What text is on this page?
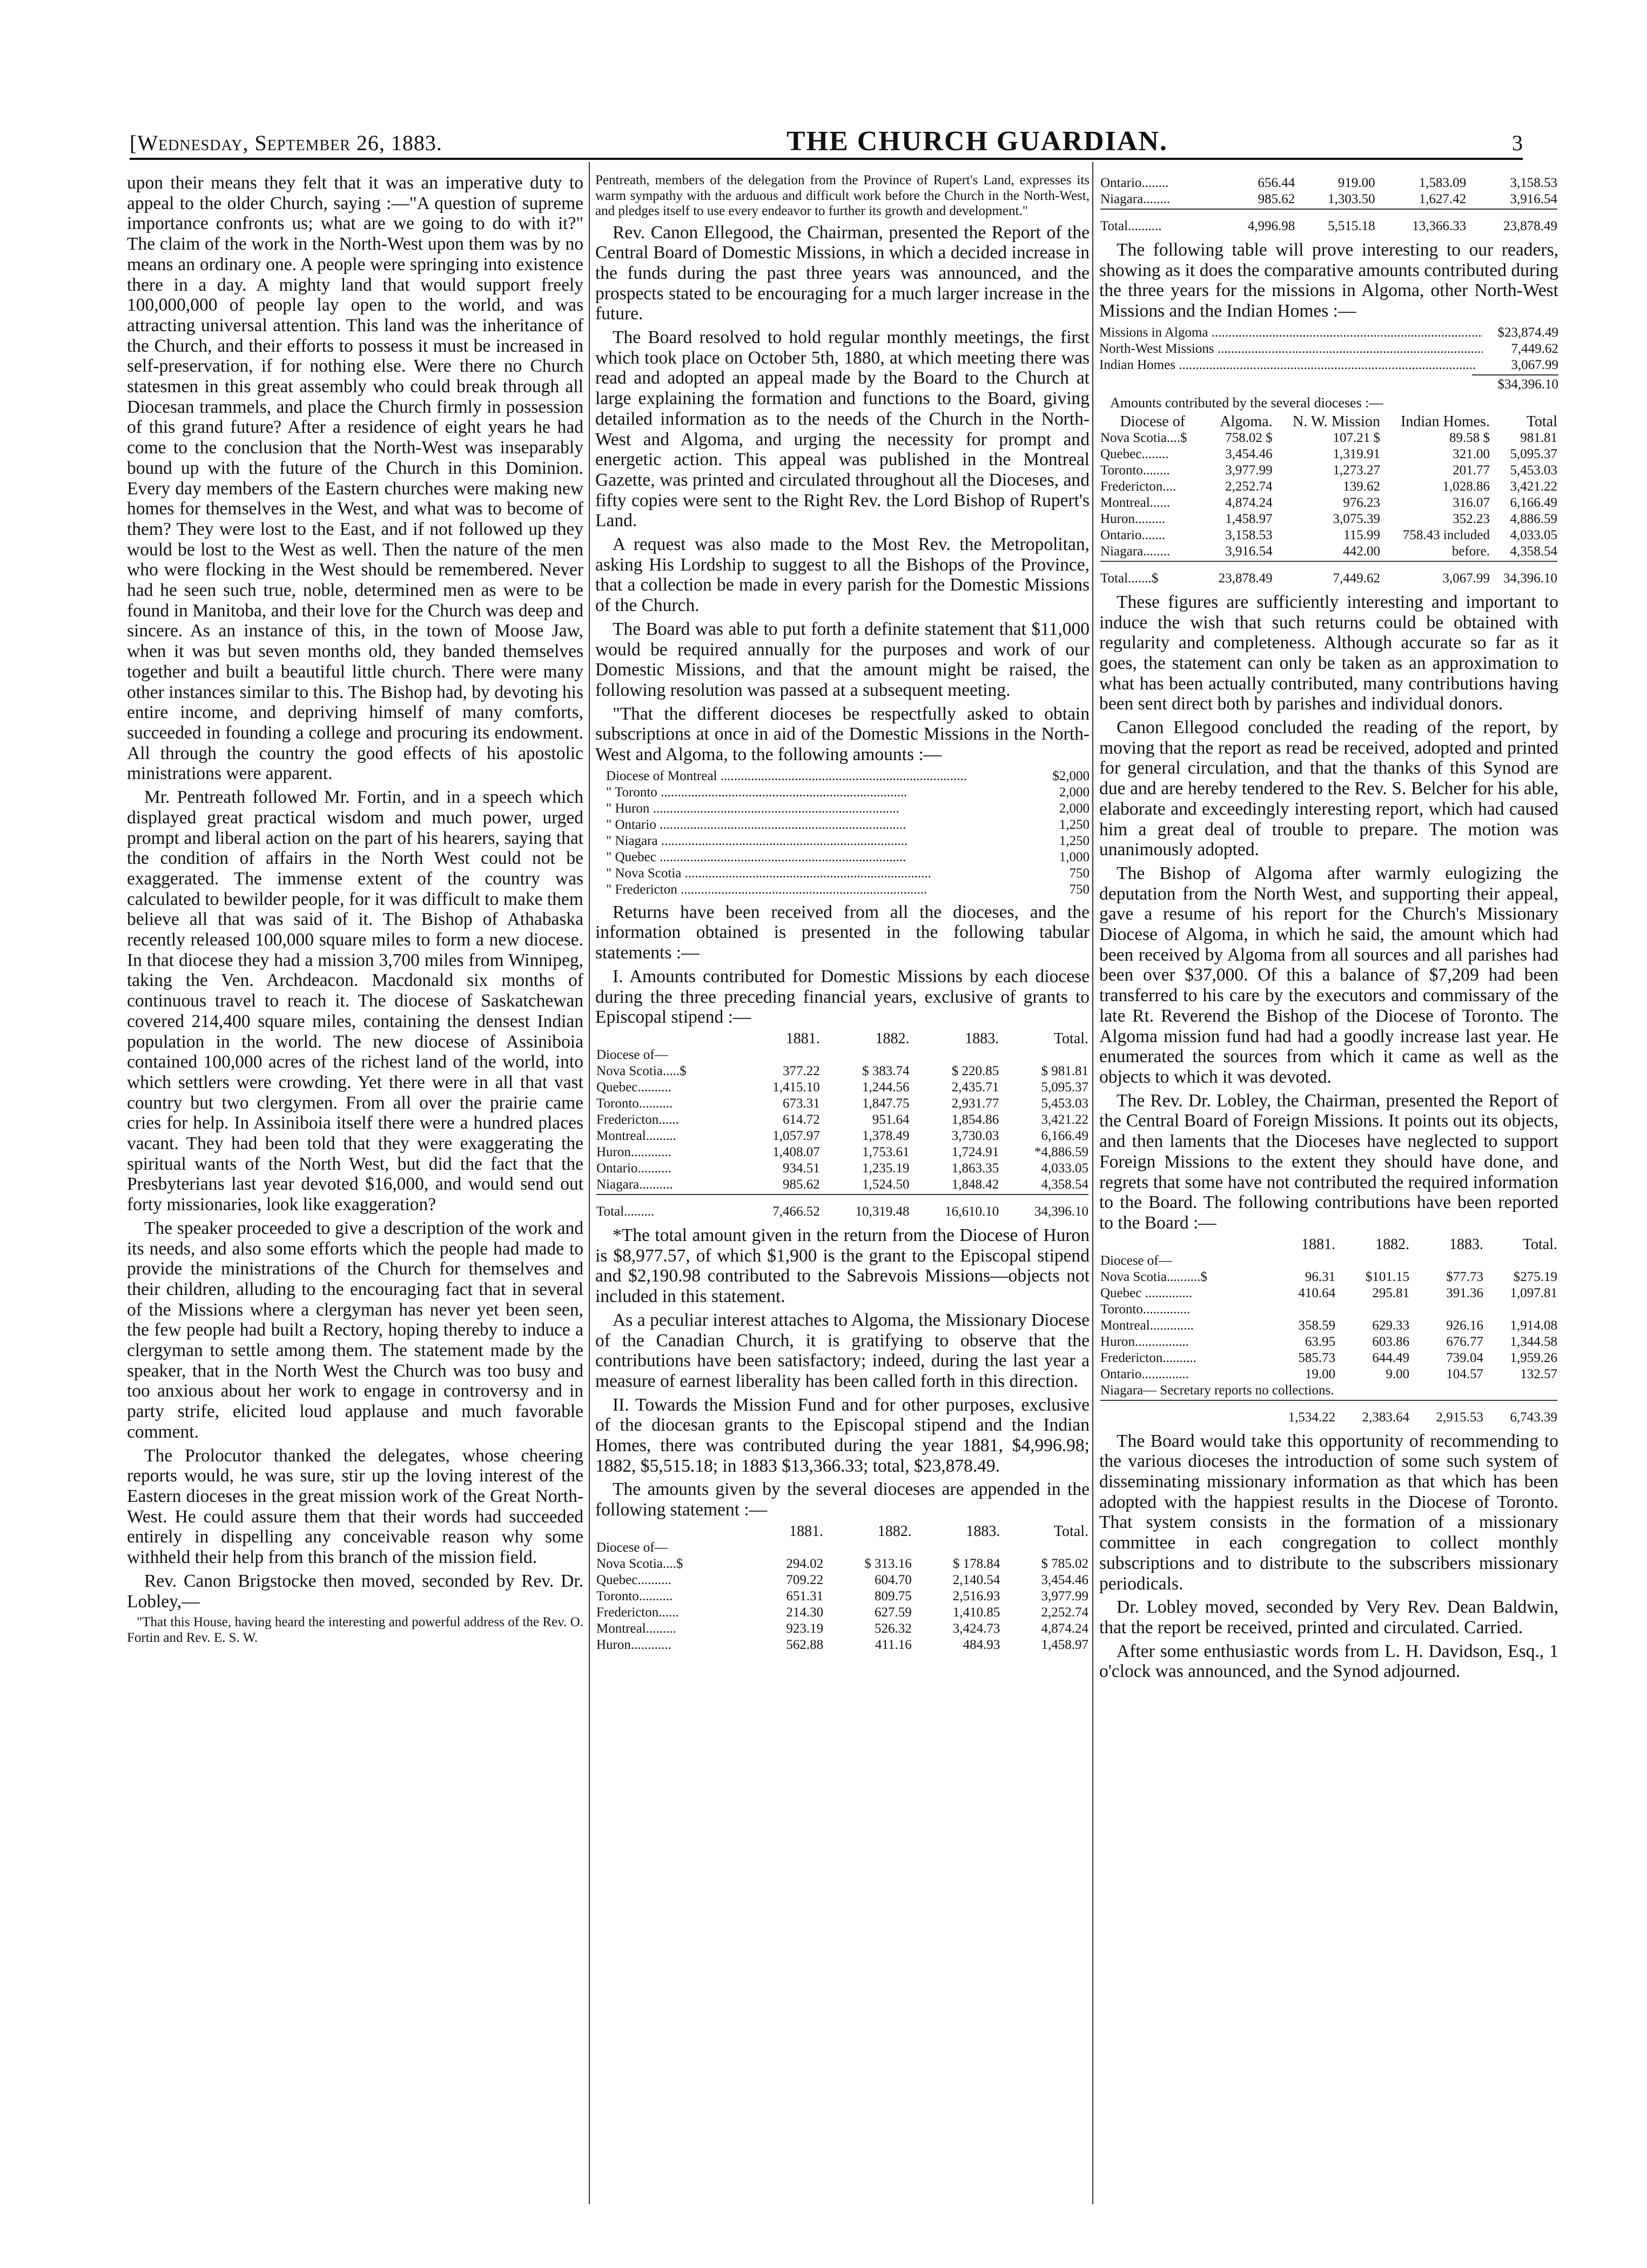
[Wednesday, September 26, 1883.	THE CHURCH GUARDIAN.	3

upon their means they felt that it was an imperative duty to appeal to the older Church, saying :—"A question of supreme importance confronts us; what are we going to do with it?" The claim of the work in the North-West upon them was by no means an ordinary one. A people were springing into existence there in a day. A mighty land that would support freely 100,000,000 of people lay open to the world, and was attracting universal attention. This land was the inheritance of the Church, and their efforts to possess it must be increased in self-preservation, if for nothing else. Were there no Church statesmen in this great assembly who could break through all Diocesan trammels, and place the Church firmly in possession of this grand future? After a residence of eight years he had come to the conclusion that the North-West was inseparably bound up with the future of the Church in this Dominion. Every day members of the Eastern churches were making new homes for themselves in the West, and what was to become of them? They were lost to the East, and if not followed up they would be lost to the West as well. Then the nature of the men who were flocking in the West should be remembered. Never had he seen such true, noble, determined men as were to be found in Manitoba, and their love for the Church was deep and sincere. As an instance of this, in the town of Moose Jaw, when it was but seven months old, they banded themselves together and built a beautiful little church. There were many other instances similar to this. The Bishop had, by devoting his entire income, and depriving himself of many comforts, succeeded in founding a college and procuring its endowment. All through the country the good effects of his apostolic ministrations were apparent.

Mr. Pentreath followed Mr. Fortin, and in a speech which displayed great practical wisdom and much power, urged prompt and liberal action on the part of his hearers, saying that the condition of affairs in the North West could not be exaggerated. The immense extent of the country was calculated to bewilder people, for it was difficult to make them believe all that was said of it. The Bishop of Athabaska recently released 100,000 square miles to form a new diocese. In that diocese they had a mission 3,700 miles from Winnipeg, taking the Ven. Archdeacon. Macdonald six months of continuous travel to reach it. The diocese of Saskatchewan covered 214,400 square miles, containing the densest Indian population in the world. The new diocese of Assiniboia contained 100,000 acres of the richest land of the world, into which settlers were crowding. Yet there were in all that vast country but two clergymen. From all over the prairie came cries for help. In Assiniboia itself there were a hundred places vacant. They had been told that they were exaggerating the spiritual wants of the North West, but did the fact that the Presbyterians last year devoted $16,000, and would send out forty missionaries, look like exaggeration?

The speaker proceeded to give a description of the work and its needs, and also some efforts which the people had made to provide the ministrations of the Church for themselves and their children, alluding to the encouraging fact that in several of the Missions where a clergyman has never yet been seen, the few people had built a Rectory, hoping thereby to induce a clergyman to settle among them. The statement made by the speaker, that in the North West the Church was too busy and too anxious about her work to engage in controversy and in party strife, elicited loud applause and much favorable comment.

The Prolocutor thanked the delegates, whose cheering reports would, he was sure, stir up the loving interest of the Eastern dioceses in the great mission work of the Great North-West. He could assure them that their words had succeeded entirely in dispelling any conceivable reason why some withheld their help from this branch of the mission field.

Rev. Canon Brigstocke then moved, seconded by Rev. Dr. Lobley,—

"That this House, having heard the interesting and powerful address of the Rev. O. Fortin and Rev. E. S. W.

Pentreath, members of the delegation from the Province of Rupert's Land, expresses its warm sympathy with the arduous and difficult work before the Church in the North-West, and pledges itself to use every endeavor to further its growth and development."

Rev. Canon Ellegood, the Chairman, presented the Report of the Central Board of Domestic Missions, in which a decided increase in the funds during the past three years was announced, and the prospects stated to be encouraging for a much larger increase in the future.

The Board resolved to hold regular monthly meetings, the first which took place on October 5th, 1880, at which meeting there was read and adopted an appeal made by the Board to the Church at large explaining the formation and functions to the Board, giving detailed information as to the needs of the Church in the North-West and Algoma, and urging the necessity for prompt and energetic action. This appeal was published in the Montreal Gazette, was printed and circulated throughout all the Dioceses, and fifty copies were sent to the Right Rev. the Lord Bishop of Rupert's Land.

A request was also made to the Most Rev. the Metropolitan, asking His Lordship to suggest to all the Bishops of the Province, that a collection be made in every parish for the Domestic Missions of the Church.

The Board was able to put forth a definite statement that $11,000 would be required annually for the purposes and work of our Domestic Missions, and that the amount might be raised, the following resolution was passed at a subsequent meeting.

"That the different dioceses be respectfully asked to obtain subscriptions at once in aid of the Domestic Missions in the North-West and Algoma, to the following amounts :—

Diocese of Montreal .....	$2,000
" Toronto .....	2,000
" Huron .....	2,000
" Ontario .....	1,250
" Niagara .....	1,250
" Quebec .....	1,000
" Nova Scotia .....	750
" Fredericton .....	750

Returns have been received from all the dioceses, and the information obtained is presented in the following tabular statements :—

I. Amounts contributed for Domestic Missions by each diocese during the three preceding financial years, exclusive of grants to Episcopal stipend :—

	1881.	1882.	1883.	Total.
Diocese of—				
Nova Scotia.....$	377.22	$ 383.74	$ 220.85	$ 981.81
Quebec..........	1,415.10	1,244.56	2,435.71	5,095.37
Toronto..........	673.31	1,847.75	2,931.77	5,453.03
Fredericton......	614.72	951.64	1,854.86	3,421.22
Montreal.........	1,057.97	1,378.49	3,730.03	6,166.49
Huron............	1,408.07	1,753.61	1,724.91	*4,886.59
Ontario..........	934.51	1,235.19	1,863.35	4,033.05
Niagara..........	985.62	1,524.50	1,848.42	4,358.54

Total.........	7,466.52	10,319.48	16,610.10	34,396.10

*The total amount given in the return from the Diocese of Huron is $8,977.57, of which $1,900 is the grant to the Episcopal stipend and $2,190.98 contributed to the Sabrevois Missions—objects not included in this statement.

As a peculiar interest attaches to Algoma, the Missionary Diocese of the Canadian Church, it is gratifying to observe that the contributions have been satisfactory; indeed, during the last year a measure of earnest liberality has been called forth in this direction.

II. Towards the Mission Fund and for other purposes, exclusive of the diocesan grants to the Episcopal stipend and the Indian Homes, there was contributed during the year 1881, $4,996.98; 1882, $5,515.18; in 1883 $13,366.33; total, $23,878.49.

The amounts given by the several dioceses are appended in the following statement :—

	1881.	1882.	1883.	Total.
Diocese of—				
Nova Scotia....$	294.02	$ 313.16	$ 178.84	$ 785.02
Quebec..........	709.22	604.70	2,140.54	3,454.46
Toronto..........	651.31	809.75	2,516.93	3,977.99
Fredericton......	214.30	627.59	1,410.85	2,252.74
Montreal.........	923.19	526.32	3,424.73	4,874.24
Huron............	562.88	411.16	484.93	1,458.97
Ontario........	656.44	919.00	1,583.09	3,158.53
Niagara........	985.62	1,303.50	1,627.42	3,916.54

Total..........	4,996.98	5,515.18	13,366.33	23,878.49

The following table will prove interesting to our readers, showing as it does the comparative amounts contributed during the three years for the missions in Algoma, other North-West Missions and the Indian Homes :—

Missions in Algoma .....	$23,874.49
North-West Missions .....	7,449.62
Indian Homes .....	3,067.99
$34,396.10

Amounts contributed by the several dioceses :—

Diocese of	Algoma.	N. W. Mission	Indian Homes.	Total
Nova Scotia....$	758.02 $	107.21 $	89.58 $	981.81
Quebec........	3,454.46	1,319.91	321.00	5,095.37
Toronto........	3,977.99	1,273.27	201.77	5,453.03
Fredericton....	2,252.74	139.62	1,028.86	3,421.22
Montreal......	4,874.24	976.23	316.07	6,166.49
Huron.........	1,458.97	3,075.39	352.23	4,886.59
Ontario.......	3,158.53	115.99	758.43 included	4,033.05
Niagara........	3,916.54	442.00	before.	4,358.54

Total.......$	23,878.49	7,449.62	3,067.99	34,396.10

These figures are sufficiently interesting and important to induce the wish that such returns could be obtained with regularity and completeness. Although accurate so far as it goes, the statement can only be taken as an approximation to what has been actually contributed, many contributions having been sent direct both by parishes and individual donors.

Canon Ellegood concluded the reading of the report, by moving that the report as read be received, adopted and printed for general circulation, and that the thanks of this Synod are due and are hereby tendered to the Rev. S. Belcher for his able, elaborate and exceedingly interesting report, which had caused him a great deal of trouble to prepare. The motion was unanimously adopted.

The Bishop of Algoma after warmly eulogizing the deputation from the North West, and supporting their appeal, gave a resume of his report for the Church's Missionary Diocese of Algoma, in which he said, the amount which had been received by Algoma from all sources and all parishes had been over $37,000. Of this a balance of $7,209 had been transferred to his care by the executors and commissary of the late Rt. Reverend the Bishop of the Diocese of Toronto. The Algoma mission fund had had a goodly increase last year. He enumerated the sources from which it came as well as the objects to which it was devoted.

The Rev. Dr. Lobley, the Chairman, presented the Report of the Central Board of Foreign Missions. It points out its objects, and then laments that the Dioceses have neglected to support Foreign Missions to the extent they should have done, and regrets that some have not contributed the required information to the Board. The following contributions have been reported to the Board :—

	1881.	1882.	1883.	Total.
Diocese of—				
Nova Scotia..........$	96.31	$101.15	$77.73	$275.19
Quebec ..............	410.64	295.81	391.36	1,097.81
Toronto..............				
Montreal.............	358.59	629.33	926.16	1,914.08
Huron................	63.95	603.86	676.77	1,344.58
Fredericton..........	585.73	644.49	739.04	1,959.26
Ontario..............	19.00	9.00	104.57	132.57
Niagara— Secretary reports no collections.				

	1,534.22	2,383.64	2,915.53	6,743.39

The Board would take this opportunity of recommending to the various dioceses the introduction of some such system of disseminating missionary information as that which has been adopted with the happiest results in the Diocese of Toronto. That system consists in the formation of a missionary committee in each congregation to collect monthly subscriptions and to distribute to the subscribers missionary periodicals.

Dr. Lobley moved, seconded by Very Rev. Dean Baldwin, that the report be received, printed and circulated. Carried.

After some enthusiastic words from L. H. Davidson, Esq., 1 o'clock was announced, and the Synod adjourned.
